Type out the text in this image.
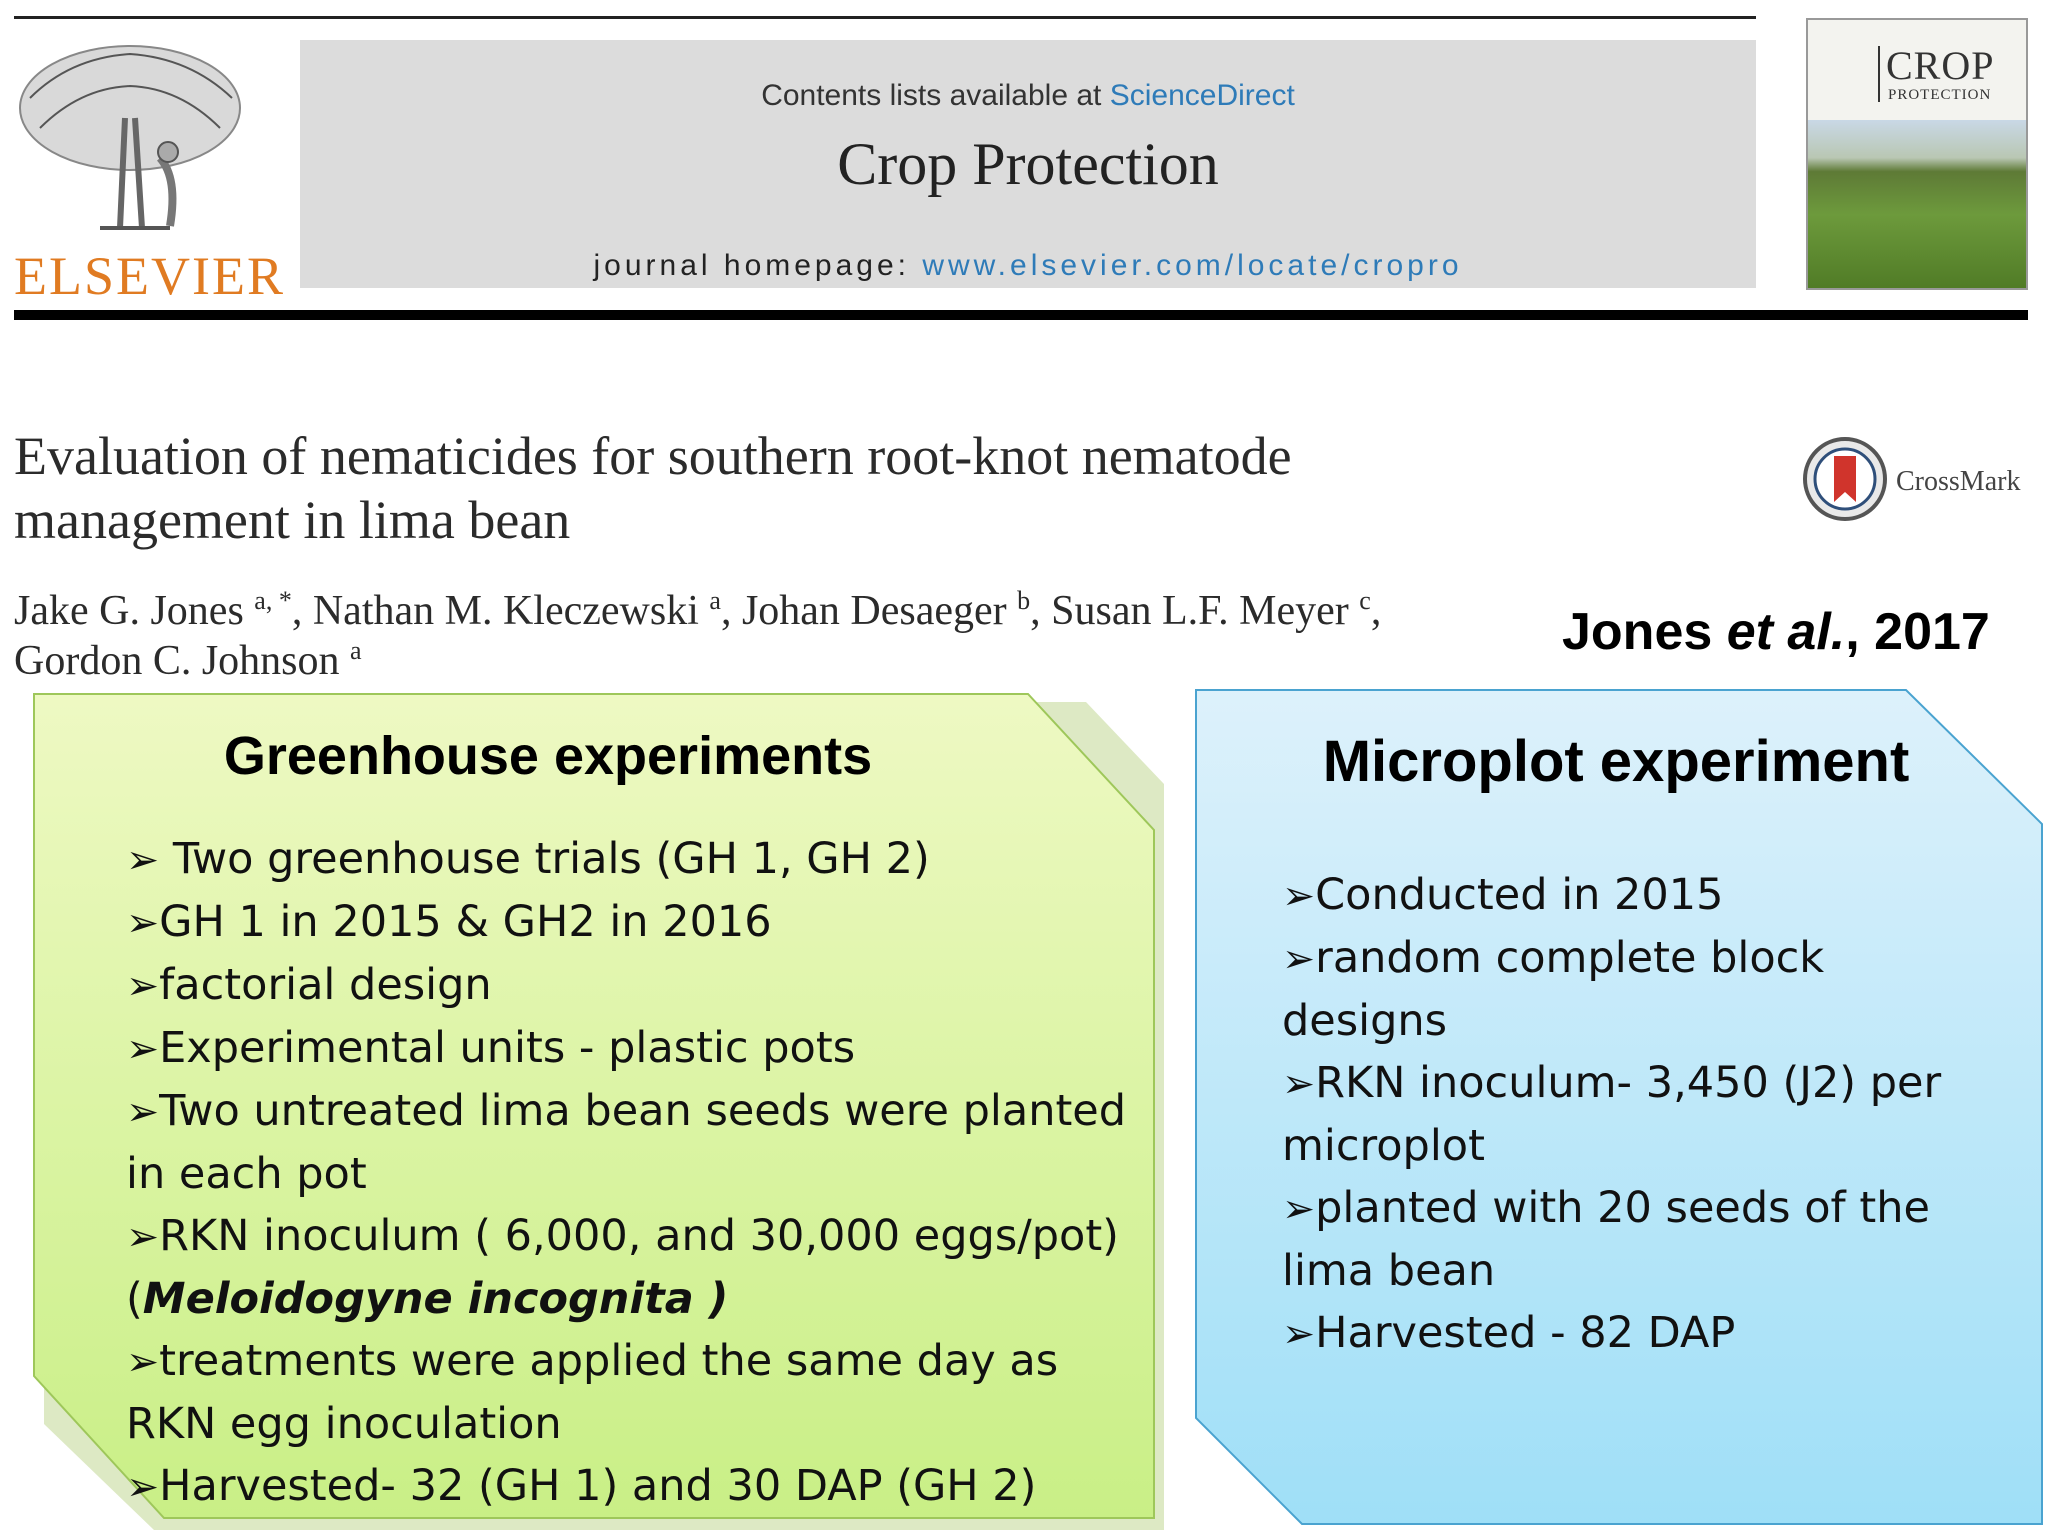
ELSEVIER
Contents lists available at ScienceDirect
Crop Protection
journal homepage: www.elsevier.com/locate/cropro
CROP
PROTECTION
Evaluation of nematicides for southern root-knot nematode
management in lima bean
CrossMark
Jake G. Jones $^{a, *}$, Nathan M. Kleczewski $^a$, Johan Desaeger $^b$, Susan L.F. Meyer $^c$,
Gordon C. Johnson $^a$	Jones et al., 2017
Greenhouse experiments
➢ Two greenhouse trials (GH 1, GH 2)
➢GH 1 in 2015 & GH2 in 2016
➢factorial design
➢Experimental units - plastic pots
➢Two untreated lima bean seeds were planted in each pot
➢RKN inoculum ( 6,000, and 30,000 eggs/pot) (Meloidogyne incognita )
➢treatments were applied the same day as RKN egg inoculation
➢Harvested- 32 (GH 1) and 30 DAP (GH 2)
Microplot experiment
➢Conducted in 2015
➢random complete block designs
➢RKN inoculum- 3,450 (J2) per microplot
➢planted with 20 seeds of the lima bean
➢Harvested - 82 DAP
